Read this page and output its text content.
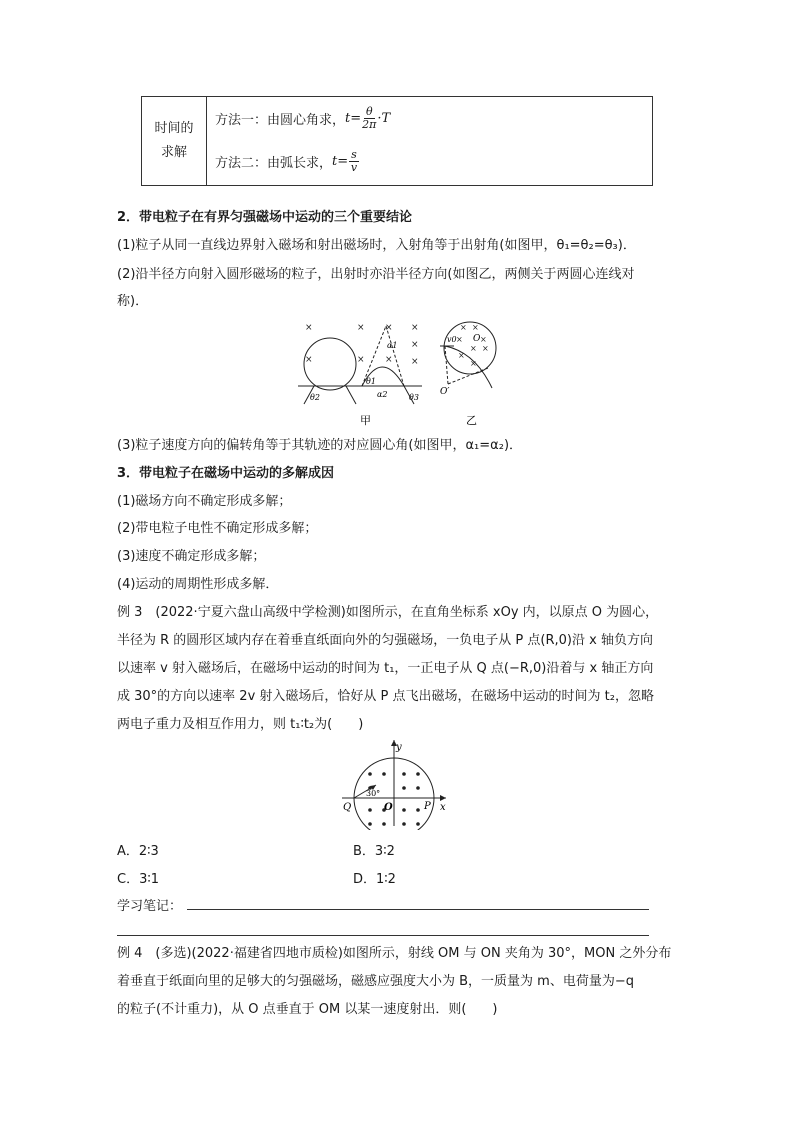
时间的
求解

方法一：由圆心角求， $t= \frac{\theta}{2\pi} \cdot T$
方法二：由弧长求， $t= \frac{s}{v}$
2．带电粒子在有界匀强磁场中运动的三个重要结论
(1)粒子从同一直线边界射入磁场和射出磁场时，入射角等于出射角(如图甲，θ₁=θ₂=θ₃)．
(2)沿半径方向射入圆形磁场的粒子，出射时亦沿半径方向(如图乙，两侧关于两圆心连线对
称)．
×
×
×
×
×
×
×
×
×
θ2
θ1
α1
α2	θ3
甲
× ×
× ×
× ×
×
×
v0 O
O′
乙
(3)粒子速度方向的偏转角等于其轨迹的对应圆心角(如图甲，α₁=α₂)．
3．带电粒子在磁场中运动的多解成因
(1)磁场方向不确定形成多解；
(2)带电粒子电性不确定形成多解；
(3)速度不确定形成多解；
(4)运动的周期性形成多解．
例 3　(2022·宁夏六盘山高级中学检测)如图所示，在直角坐标系 xOy 内，以原点 O 为圆心，
半径为 R 的圆形区域内存在着垂直纸面向外的匀强磁场，一负电子从 P 点(R,0)沿 x 轴负方向
以速率 v 射入磁场后，在磁场中运动的时间为 t₁，一正电子从 Q 点(−R,0)沿着与 x 轴正方向
成 30°的方向以速率 2v 射入磁场后，恰好从 P 点飞出磁场，在磁场中运动的时间为 t₂，忽略
两电子重力及相互作用力，则 t₁∶t₂为(　　)
y
x
Q	P
O
30°
A．2∶3	B．3∶2
C．3∶1	D．1∶2
学习笔记：
例 4　(多选)(2022·福建省四地市质检)如图所示，射线 OM 与 ON 夹角为 30°，MON 之外分布
着垂直于纸面向里的足够大的匀强磁场，磁感应强度大小为 B，一质量为 m、电荷量为−q
的粒子(不计重力)，从 O 点垂直于 OM 以某一速度射出．则(　　)
